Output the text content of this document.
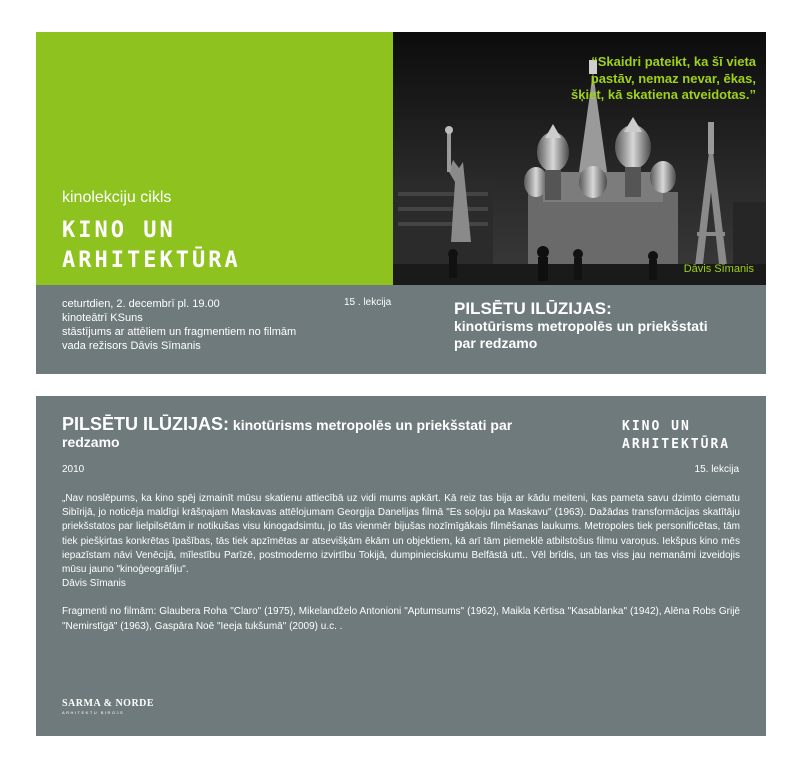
kinolekciju cikls
KINO UN
ARHITEKTŪRA
“Skaidri pateikt, ka šī vieta pastāv, nemaz nevar, ēkas, šķiet, kā skatiena atveidotas.”
Dāvis Sīmanis
ceturtdien, 2. decembrī pl. 19.00
kinoteātrī KSuns
stāstījums ar attēliem un fragmentiem no filmām
vada režisors Dāvis Sīmanis
15 . lekcija	PILSĒTU ILŪZIJAS:
kinotūrisms metropolēs un priekšstati par redzamo
PILSĒTU ILŪZIJAS: kinotūrisms metropolēs un priekšstati par redzamo
KINO UN
ARHITEKTŪRA
2010	15. lekcija

„Nav noslēpums, ka kino spēj izmainīt mūsu skatienu attiecībā uz vidi mums apkārt. Kā reiz tas bija ar kādu meiteni, kas pameta savu dzimto ciematu Sibīrijā, jo noticēja maldīgi krāšņajam Maskavas attēlojumam Georgija Danelijas filmā "Es soļoju pa Maskavu" (1963). Dažādas transformācijas skatītāju priekšstatos par lielpilsētām ir notikušas visu kinogadsimtu, jo tās vienmēr bijušas nozīmīgākais filmēšanas laukums. Metropoles tiek personificētas, tām tiek piešķirtas konkrētas īpašības, tās tiek apzīmētas ar atsevišķām ēkām un objektiem, kā arī tām piemeklē atbilstošus filmu varoņus. Iekšpus kino mēs iepazīstam nāvi Venēcijā, mīlestību Parīzē, postmoderno izvirtību Tokijā, dumpinieciskumu Belfāstā utt.. Vēl brīdis, un tas viss jau nemanāmi izveidojis mūsu jauno "kinoģeogrāfiju".

Dāvis Sīmanis

Fragmenti no filmām: Glaubera Roha "Claro" (1975), Mikelandželo Antonioni "Aptumsums" (1962), Maikla Kērtisa "Kasablanka" (1942), Alēna Robs Grijē "Nemirstīgā" (1963), Gaspāra Noē "Ieeja tukšumā" (2009) u.c. .

SARMA & NORDE
ARHITEKTU BIROJS
